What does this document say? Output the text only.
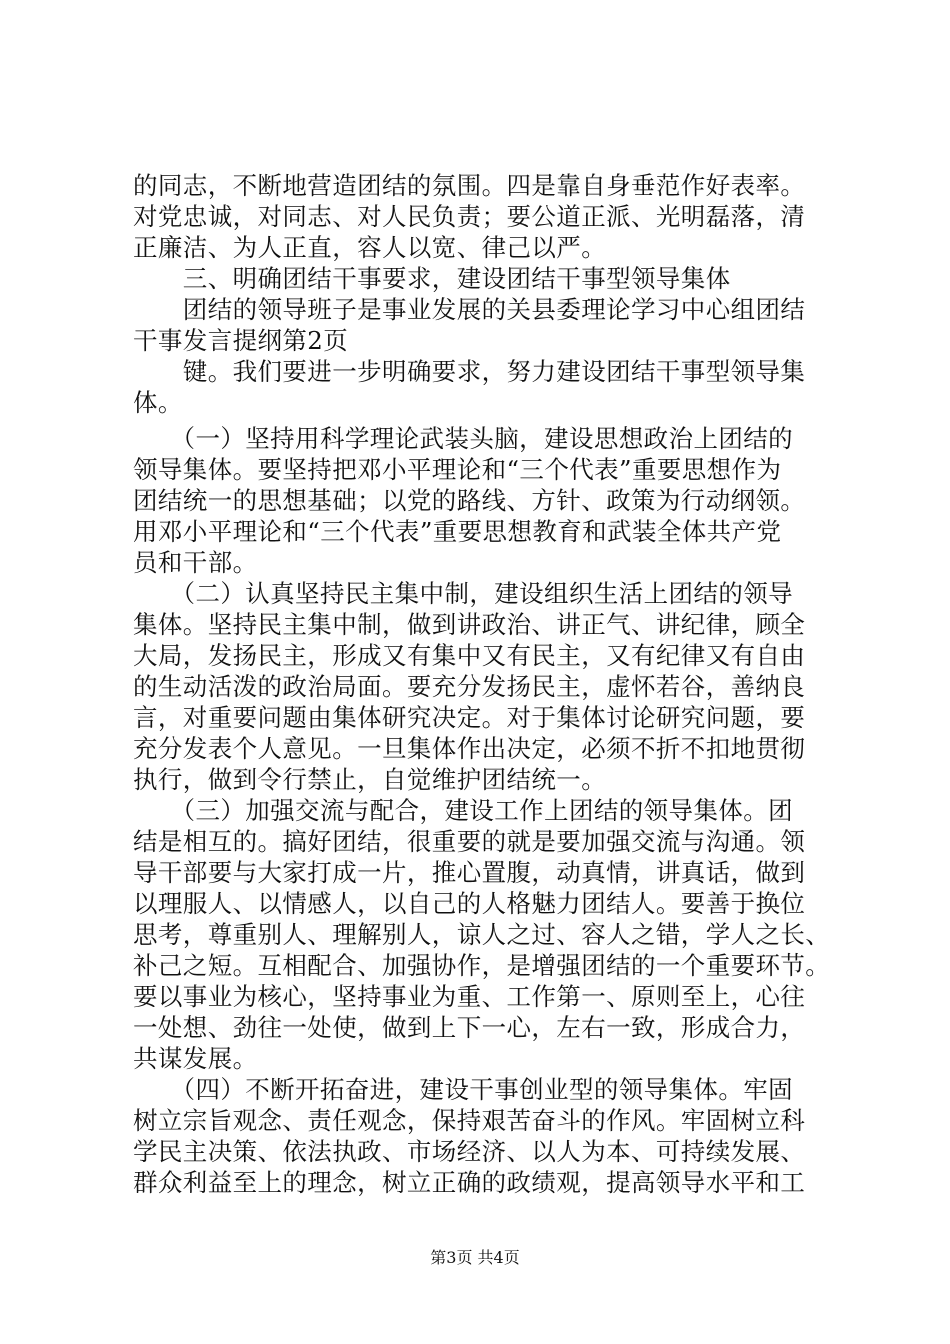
的同志，不断地营造团结的氛围。四是靠自身垂范作好表率。
对党忠诚，对同志、对人民负责；要公道正派、光明磊落，清
正廉洁、为人正直，容人以宽、律己以严。
　　三、明确团结干事要求，建设团结干事型领导集体
　　团结的领导班子是事业发展的关县委理论学习中心组团结
干事发言提纲第2页
　　键。我们要进一步明确要求，努力建设团结干事型领导集
体。
　　（一）坚持用科学理论武装头脑，建设思想政治上团结的
领导集体。要坚持把邓小平理论和“三个代表”重要思想作为
团结统一的思想基础；以党的路线、方针、政策为行动纲领。
用邓小平理论和“三个代表”重要思想教育和武装全体共产党
员和干部。
　　（二）认真坚持民主集中制，建设组织生活上团结的领导
集体。坚持民主集中制，做到讲政治、讲正气、讲纪律，顾全
大局，发扬民主，形成又有集中又有民主，又有纪律又有自由
的生动活泼的政治局面。要充分发扬民主，虚怀若谷，善纳良
言，对重要问题由集体研究决定。对于集体讨论研究问题，要
充分发表个人意见。一旦集体作出决定，必须不折不扣地贯彻
执行，做到令行禁止，自觉维护团结统一。
　　（三）加强交流与配合，建设工作上团结的领导集体。团
结是相互的。搞好团结，很重要的就是要加强交流与沟通。领
导干部要与大家打成一片，推心置腹，动真情，讲真话，做到
以理服人、以情感人，以自己的人格魅力团结人。要善于换位
思考，尊重别人、理解别人，谅人之过、容人之错，学人之长、
补己之短。互相配合、加强协作，是增强团结的一个重要环节。
要以事业为核心，坚持事业为重、工作第一、原则至上，心往
一处想、劲往一处使，做到上下一心，左右一致，形成合力，
共谋发展。
　　（四）不断开拓奋进，建设干事创业型的领导集体。牢固
树立宗旨观念、责任观念，保持艰苦奋斗的作风。牢固树立科
学民主决策、依法执政、市场经济、以人为本、可持续发展、
群众利益至上的理念，树立正确的政绩观，提高领导水平和工
第3页 共4页
